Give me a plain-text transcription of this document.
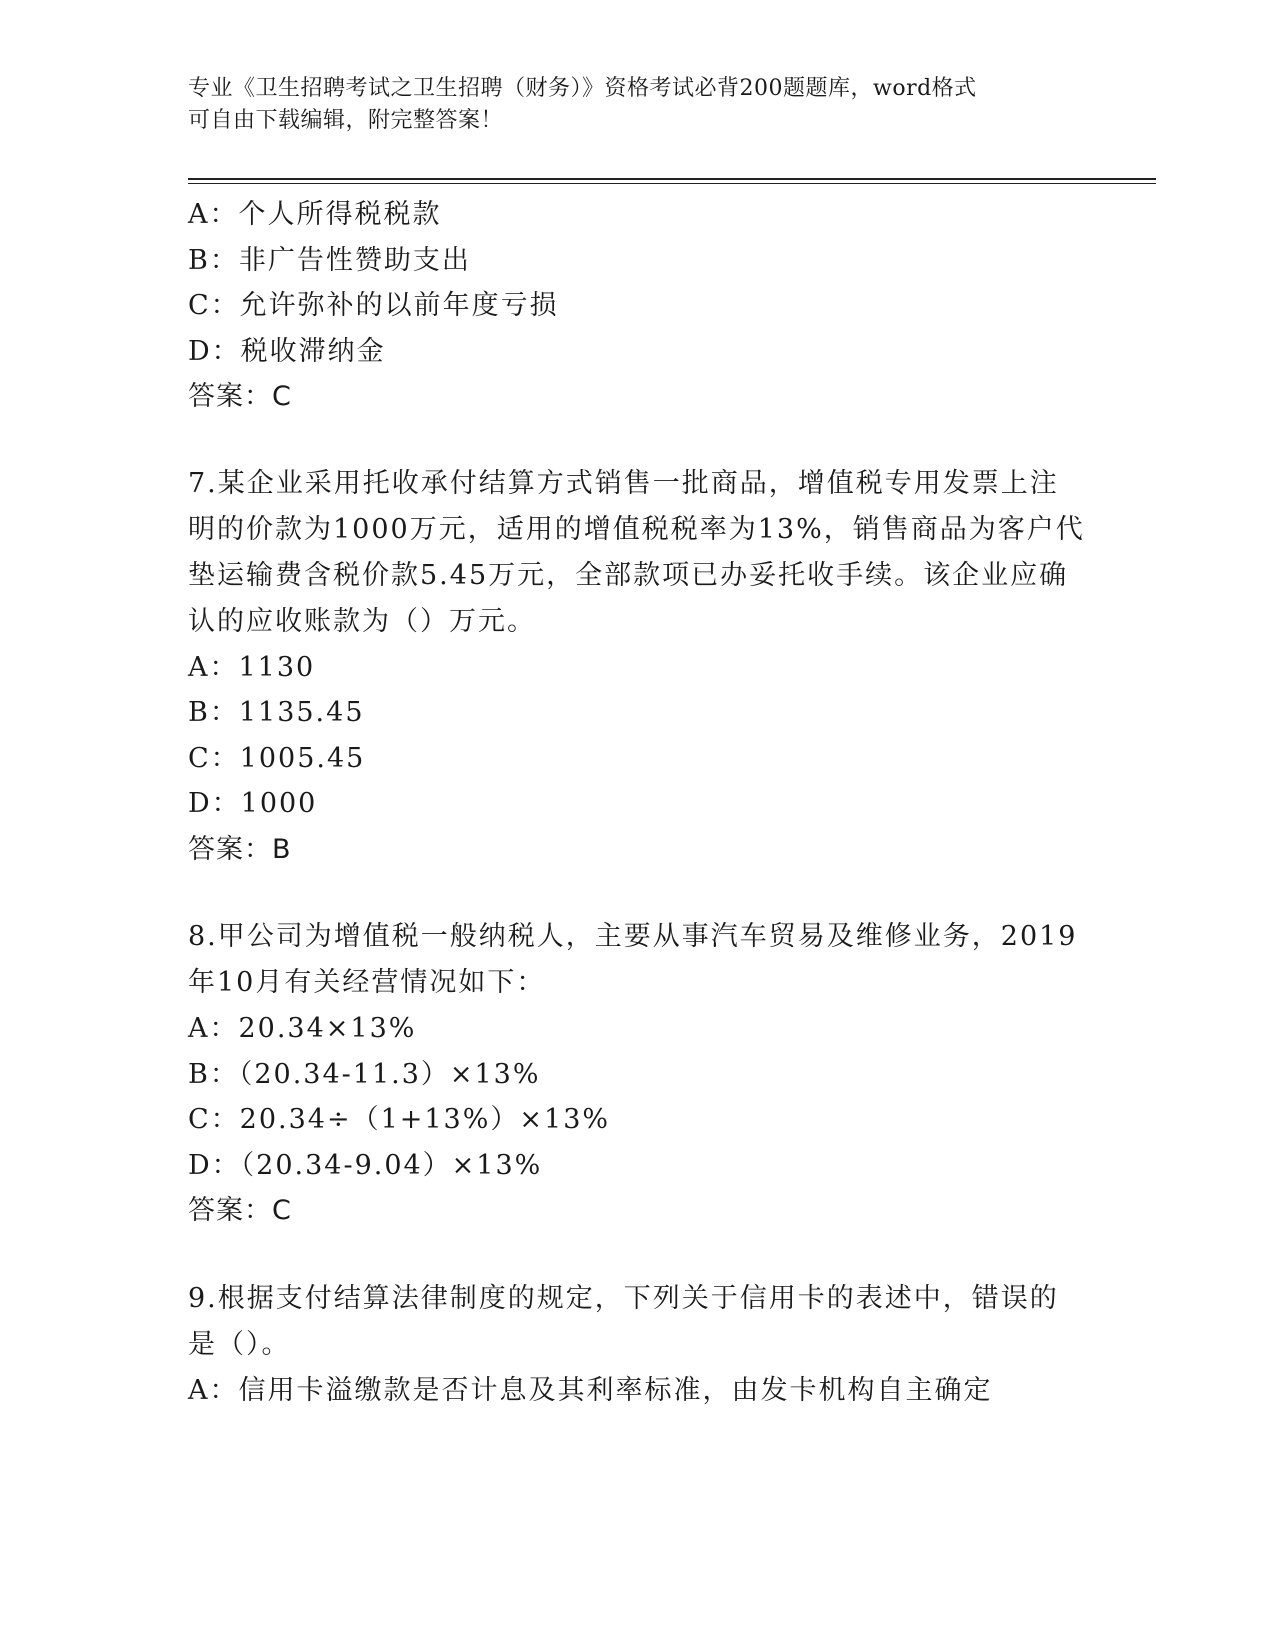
专业《卫生招聘考试之卫生招聘（财务）》资格考试必背200题题库，word格式
可自由下载编辑，附完整答案！
A：个人所得税税款
B：非广告性赞助支出
C：允许弥补的以前年度亏损
D：税收滞纳金
答案：C
7.某企业采用托收承付结算方式销售一批商品，增值税专用发票上注
明的价款为1000万元，适用的增值税税率为13%，销售商品为客户代
垫运输费含税价款5.45万元，全部款项已办妥托收手续。该企业应确
认的应收账款为（）万元。
A：1130
B：1135.45
C：1005.45
D：1000
答案：B
8.甲公司为增值税一般纳税人，主要从事汽车贸易及维修业务，2019
年10月有关经营情况如下：
A：20.34×13%
B：（20.34-11.3）×13%
C：20.34÷（1+13%）×13%
D：（20.34-9.04）×13%
答案：C
9.根据支付结算法律制度的规定，下列关于信用卡的表述中，错误的
是（）。
A：信用卡溢缴款是否计息及其利率标准，由发卡机构自主确定
